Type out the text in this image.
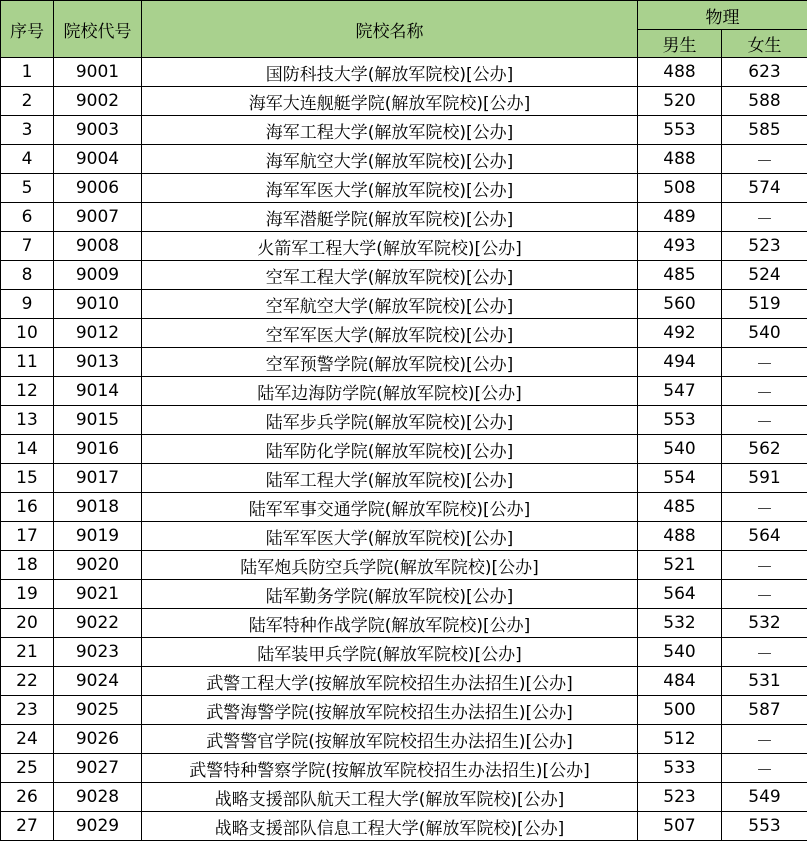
序号	院校代号	院校名称	物理	
			男生	女生
1	9001	国防科技大学(解放军院校)[公办]	488	623
2	9002	海军大连舰艇学院(解放军院校)[公办]	520	588
3	9003	海军工程大学(解放军院校)[公办]	553	585
4	9004	海军航空大学(解放军院校)[公办]	488	－
5	9006	海军军医大学(解放军院校)[公办]	508	574
6	9007	海军潜艇学院(解放军院校)[公办]	489	－
7	9008	火箭军工程大学(解放军院校)[公办]	493	523
8	9009	空军工程大学(解放军院校)[公办]	485	524
9	9010	空军航空大学(解放军院校)[公办]	560	519
10	9012	空军军医大学(解放军院校)[公办]	492	540
11	9013	空军预警学院(解放军院校)[公办]	494	－
12	9014	陆军边海防学院(解放军院校)[公办]	547	－
13	9015	陆军步兵学院(解放军院校)[公办]	553	－
14	9016	陆军防化学院(解放军院校)[公办]	540	562
15	9017	陆军工程大学(解放军院校)[公办]	554	591
16	9018	陆军军事交通学院(解放军院校)[公办]	485	－
17	9019	陆军军医大学(解放军院校)[公办]	488	564
18	9020	陆军炮兵防空兵学院(解放军院校)[公办]	521	－
19	9021	陆军勤务学院(解放军院校)[公办]	564	－
20	9022	陆军特种作战学院(解放军院校)[公办]	532	532
21	9023	陆军装甲兵学院(解放军院校)[公办]	540	－
22	9024	武警工程大学(按解放军院校招生办法招生)[公办]	484	531
23	9025	武警海警学院(按解放军院校招生办法招生)[公办]	500	587
24	9026	武警警官学院(按解放军院校招生办法招生)[公办]	512	－
25	9027	武警特种警察学院(按解放军院校招生办法招生)[公办]	533	－
26	9028	战略支援部队航天工程大学(解放军院校)[公办]	523	549
27	9029	战略支援部队信息工程大学(解放军院校)[公办]	507	553
